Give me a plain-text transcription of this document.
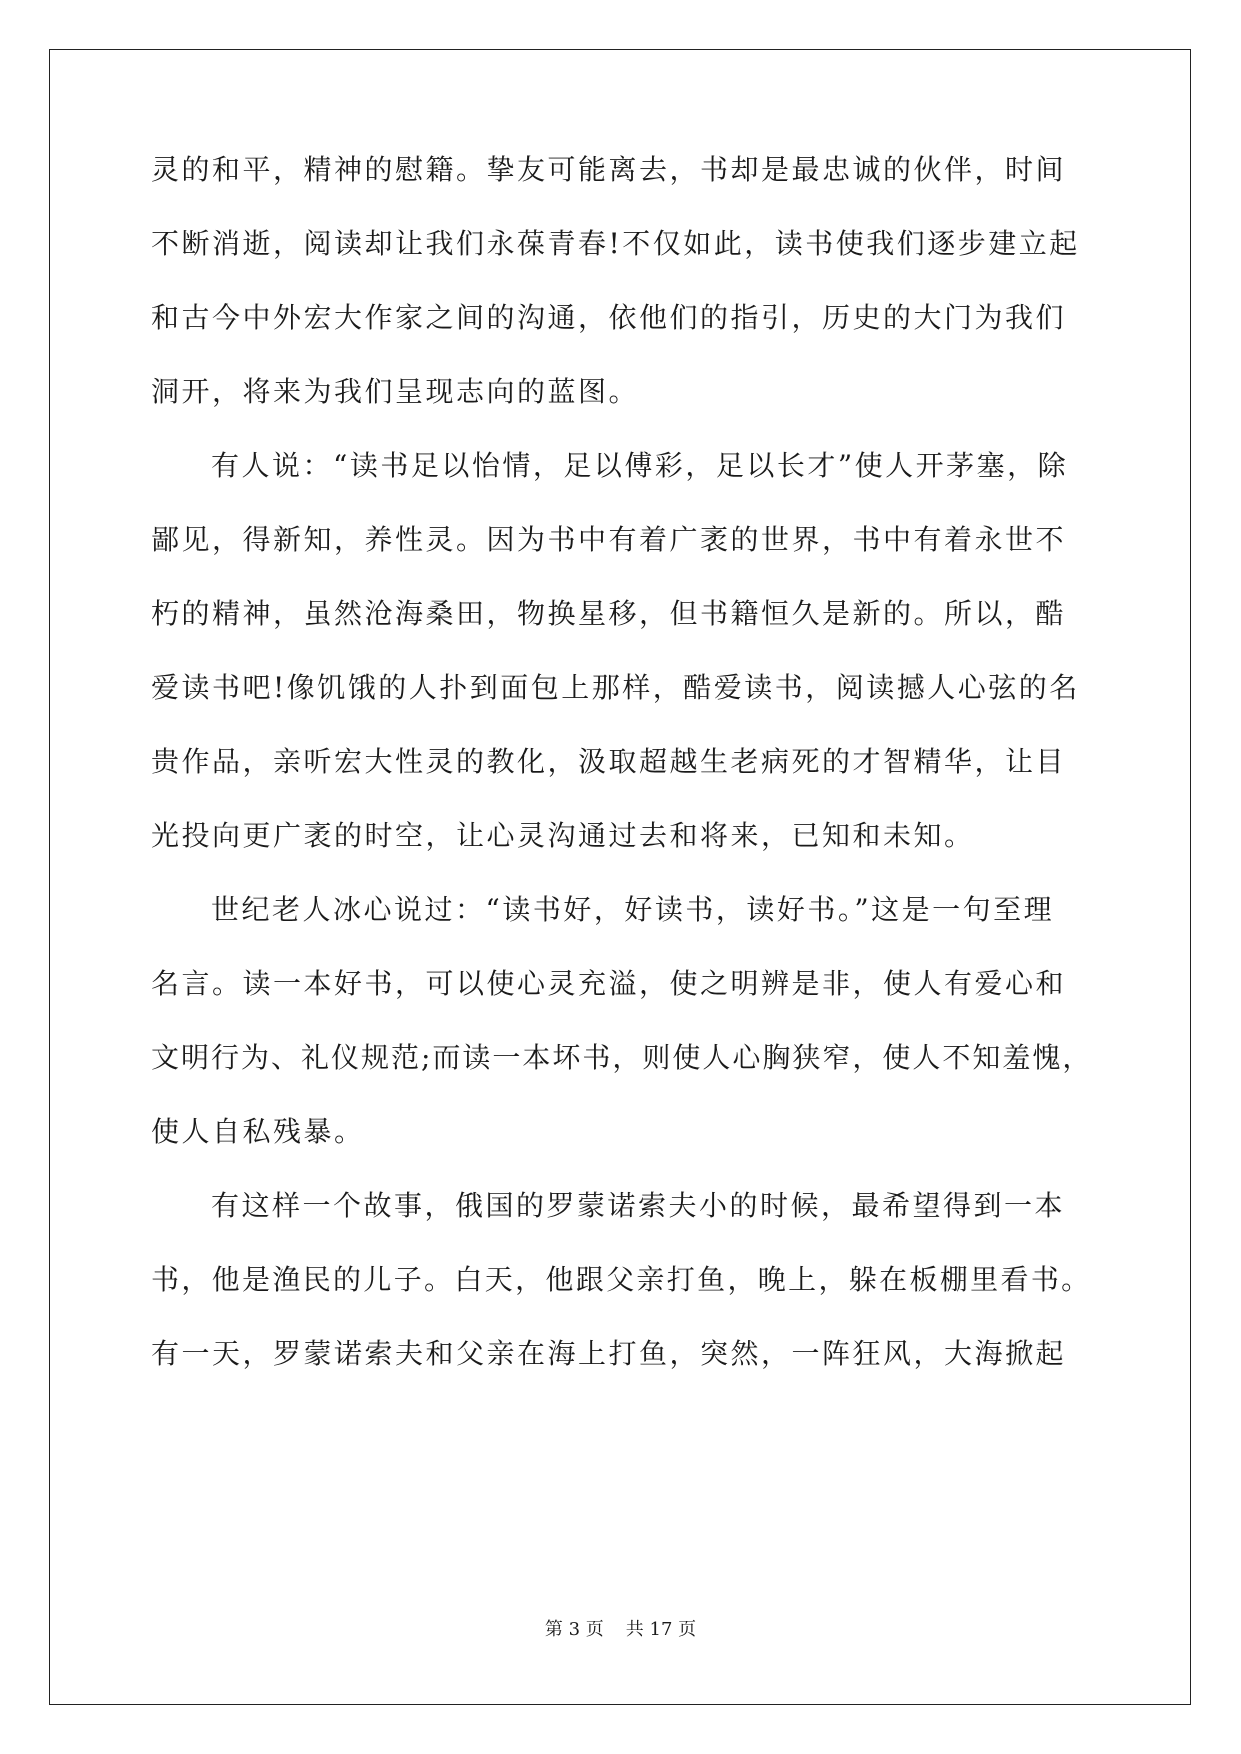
灵的和平，精神的慰籍。挚友可能离去，书却是最忠诚的伙伴，时间
不断消逝，阅读却让我们永葆青春!不仅如此，读书使我们逐步建立起
和古今中外宏大作家之间的沟通，依他们的指引，历史的大门为我们
洞开，将来为我们呈现志向的蓝图。
有人说：“读书足以怡情，足以傅彩，足以长才”使人开茅塞，除
鄙见，得新知，养性灵。因为书中有着广袤的世界，书中有着永世不
朽的精神，虽然沧海桑田，物换星移，但书籍恒久是新的。所以，酷
爱读书吧!像饥饿的人扑到面包上那样，酷爱读书，阅读撼人心弦的名
贵作品，亲听宏大性灵的教化，汲取超越生老病死的才智精华，让目
光投向更广袤的时空，让心灵沟通过去和将来，已知和未知。
世纪老人冰心说过：“读书好，好读书，读好书。”这是一句至理
名言。读一本好书，可以使心灵充溢，使之明辨是非，使人有爱心和
文明行为、礼仪规范;而读一本坏书，则使人心胸狭窄，使人不知羞愧，
使人自私残暴。
有这样一个故事，俄国的罗蒙诺索夫小的时候，最希望得到一本
书，他是渔民的儿子。白天，他跟父亲打鱼，晚上，躲在板棚里看书。
有一天，罗蒙诺索夫和父亲在海上打鱼，突然，一阵狂风，大海掀起
第 3 页 共 17 页
